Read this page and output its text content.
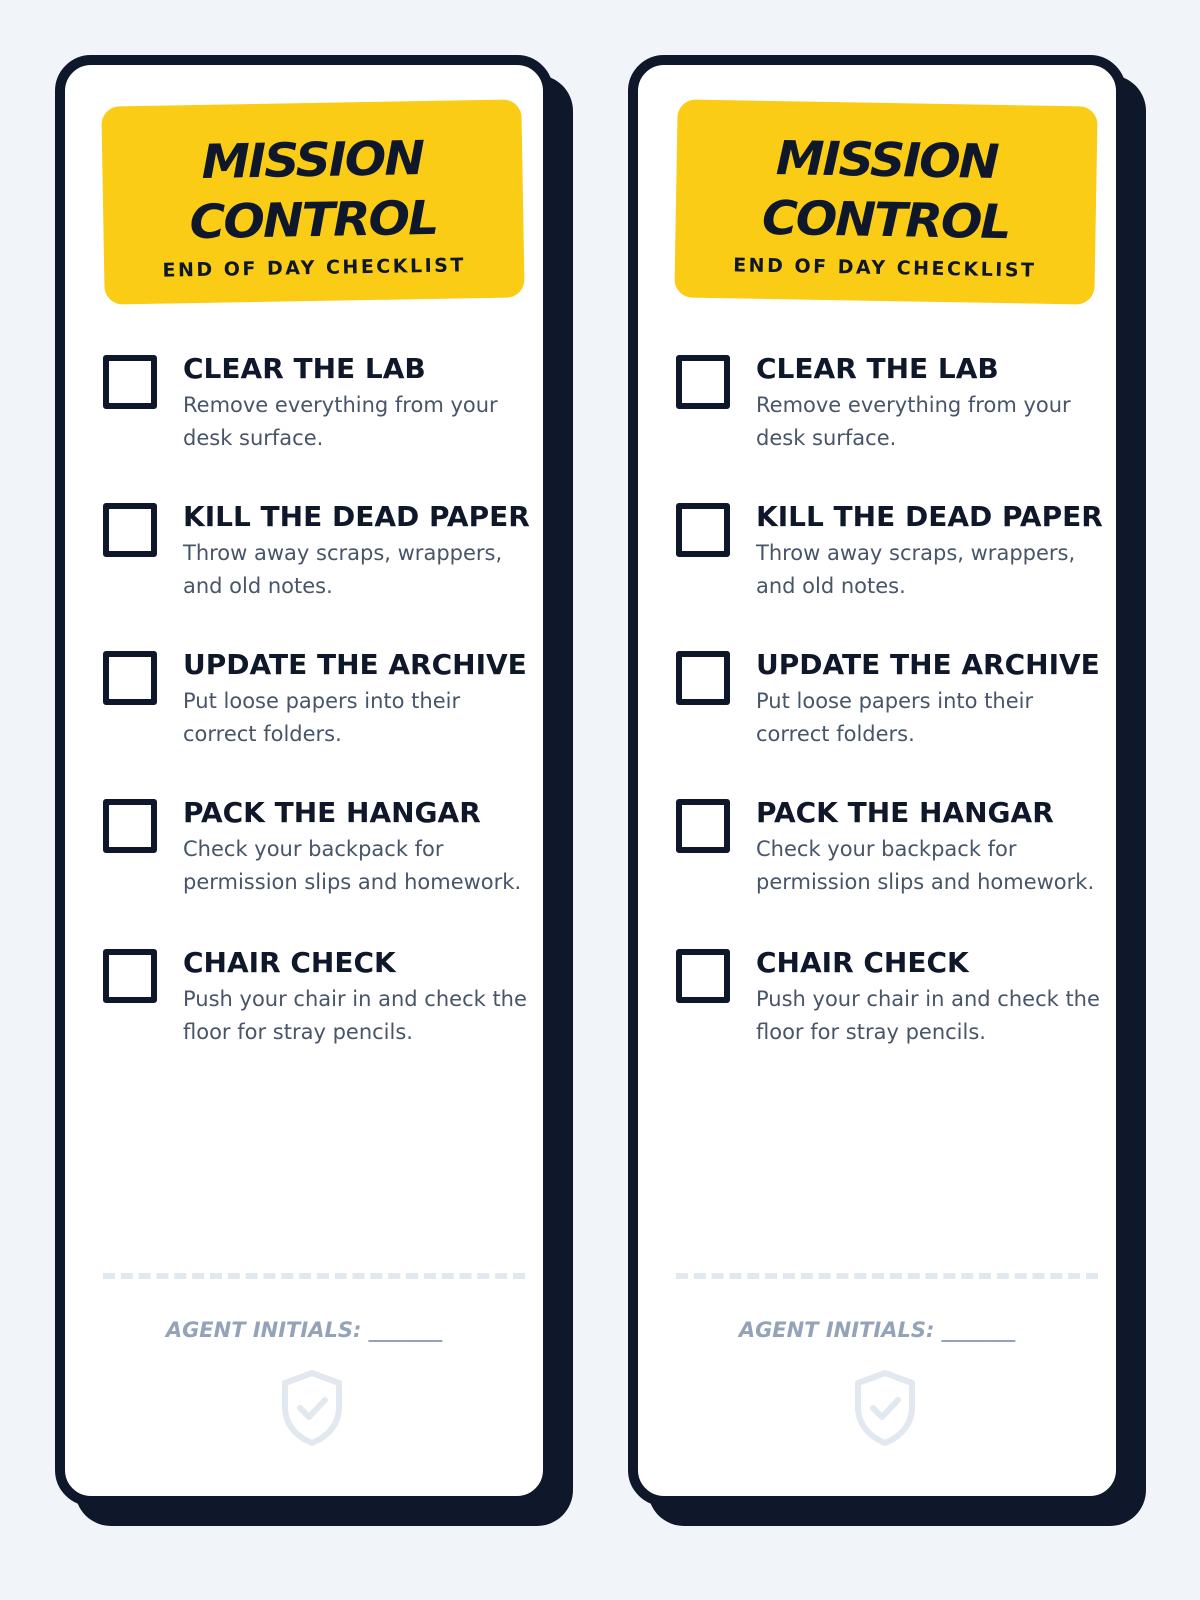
MISSION
CONTROL
END OF DAY CHECKLIST
CLEAR THE LAB
Remove everything from your desk surface.
KILL THE DEAD PAPER
Throw away scraps, wrappers, and old notes.
UPDATE THE ARCHIVE
Put loose papers into their correct folders.
PACK THE HANGAR
Check your backpack for permission slips and homework.
CHAIR CHECK
Push your chair in and check the floor for stray pencils.
AGENT INITIALS: _______
MISSION
CONTROL
END OF DAY CHECKLIST
CLEAR THE LAB
Remove everything from your desk surface.
KILL THE DEAD PAPER
Throw away scraps, wrappers, and old notes.
UPDATE THE ARCHIVE
Put loose papers into their correct folders.
PACK THE HANGAR
Check your backpack for permission slips and homework.
CHAIR CHECK
Push your chair in and check the floor for stray pencils.
AGENT INITIALS: _______
